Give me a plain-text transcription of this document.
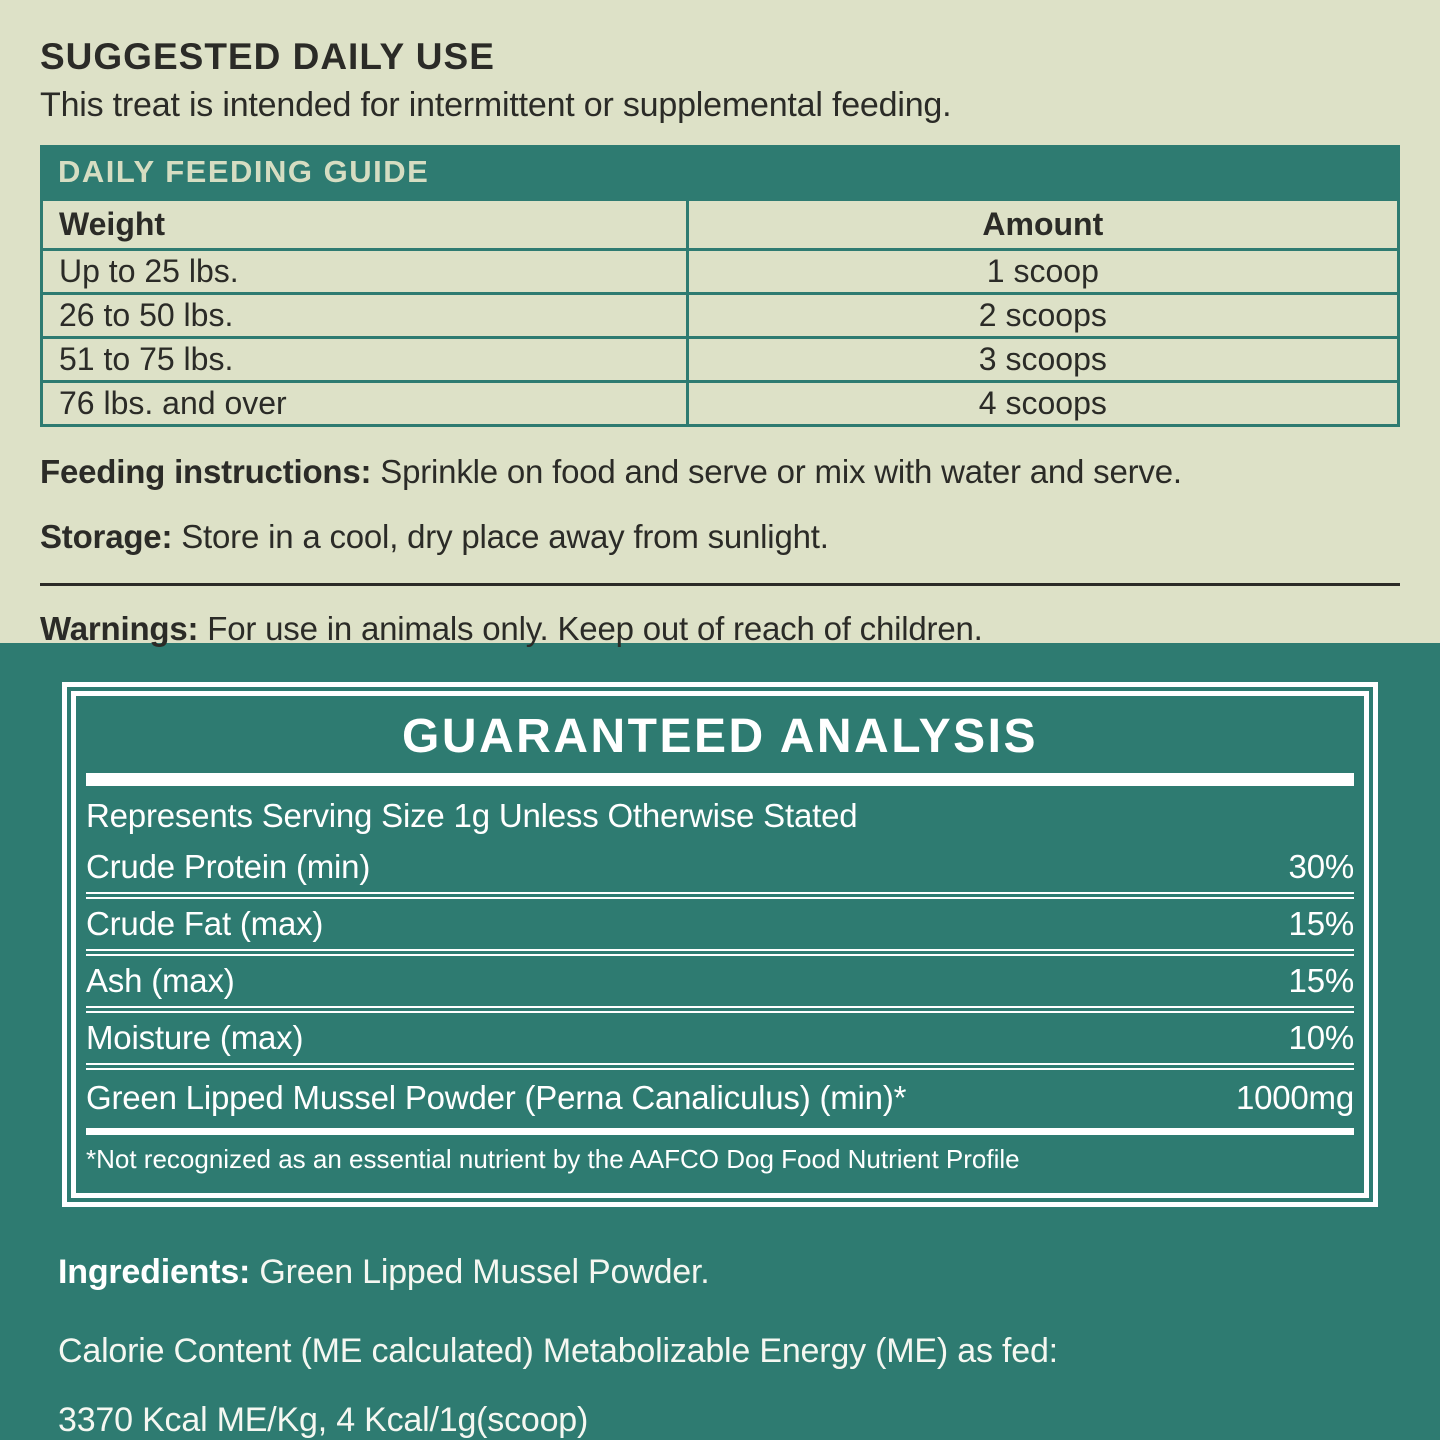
SUGGESTED DAILY USE

This treat is intended for intermittent or supplemental feeding.

DAILY FEEDING GUIDE
Weight	Amount
Up to 25 lbs.	1 scoop
26 to 50 lbs.	2 scoops
51 to 75 lbs.	3 scoops
76 lbs. and over	4 scoops

Feeding instructions: Sprinkle on food and serve or mix with water and serve.

Storage: Store in a cool, dry place away from sunlight.

Warnings: For use in animals only. Keep out of reach of children.

GUARANTEED ANALYSIS
Represents Serving Size 1g Unless Otherwise Stated
Crude Protein (min)	30%
Crude Fat (max)	15%
Ash (max)	15%
Moisture (max)	10%
Green Lipped Mussel Powder (Perna Canaliculus) (min)*	1000mg
*Not recognized as an essential nutrient by the AAFCO Dog Food Nutrient Profile

Ingredients: Green Lipped Mussel Powder.

Calorie Content (ME calculated) Metabolizable Energy (ME) as fed:

3370 Kcal ME/Kg, 4 Kcal/1g(scoop)
